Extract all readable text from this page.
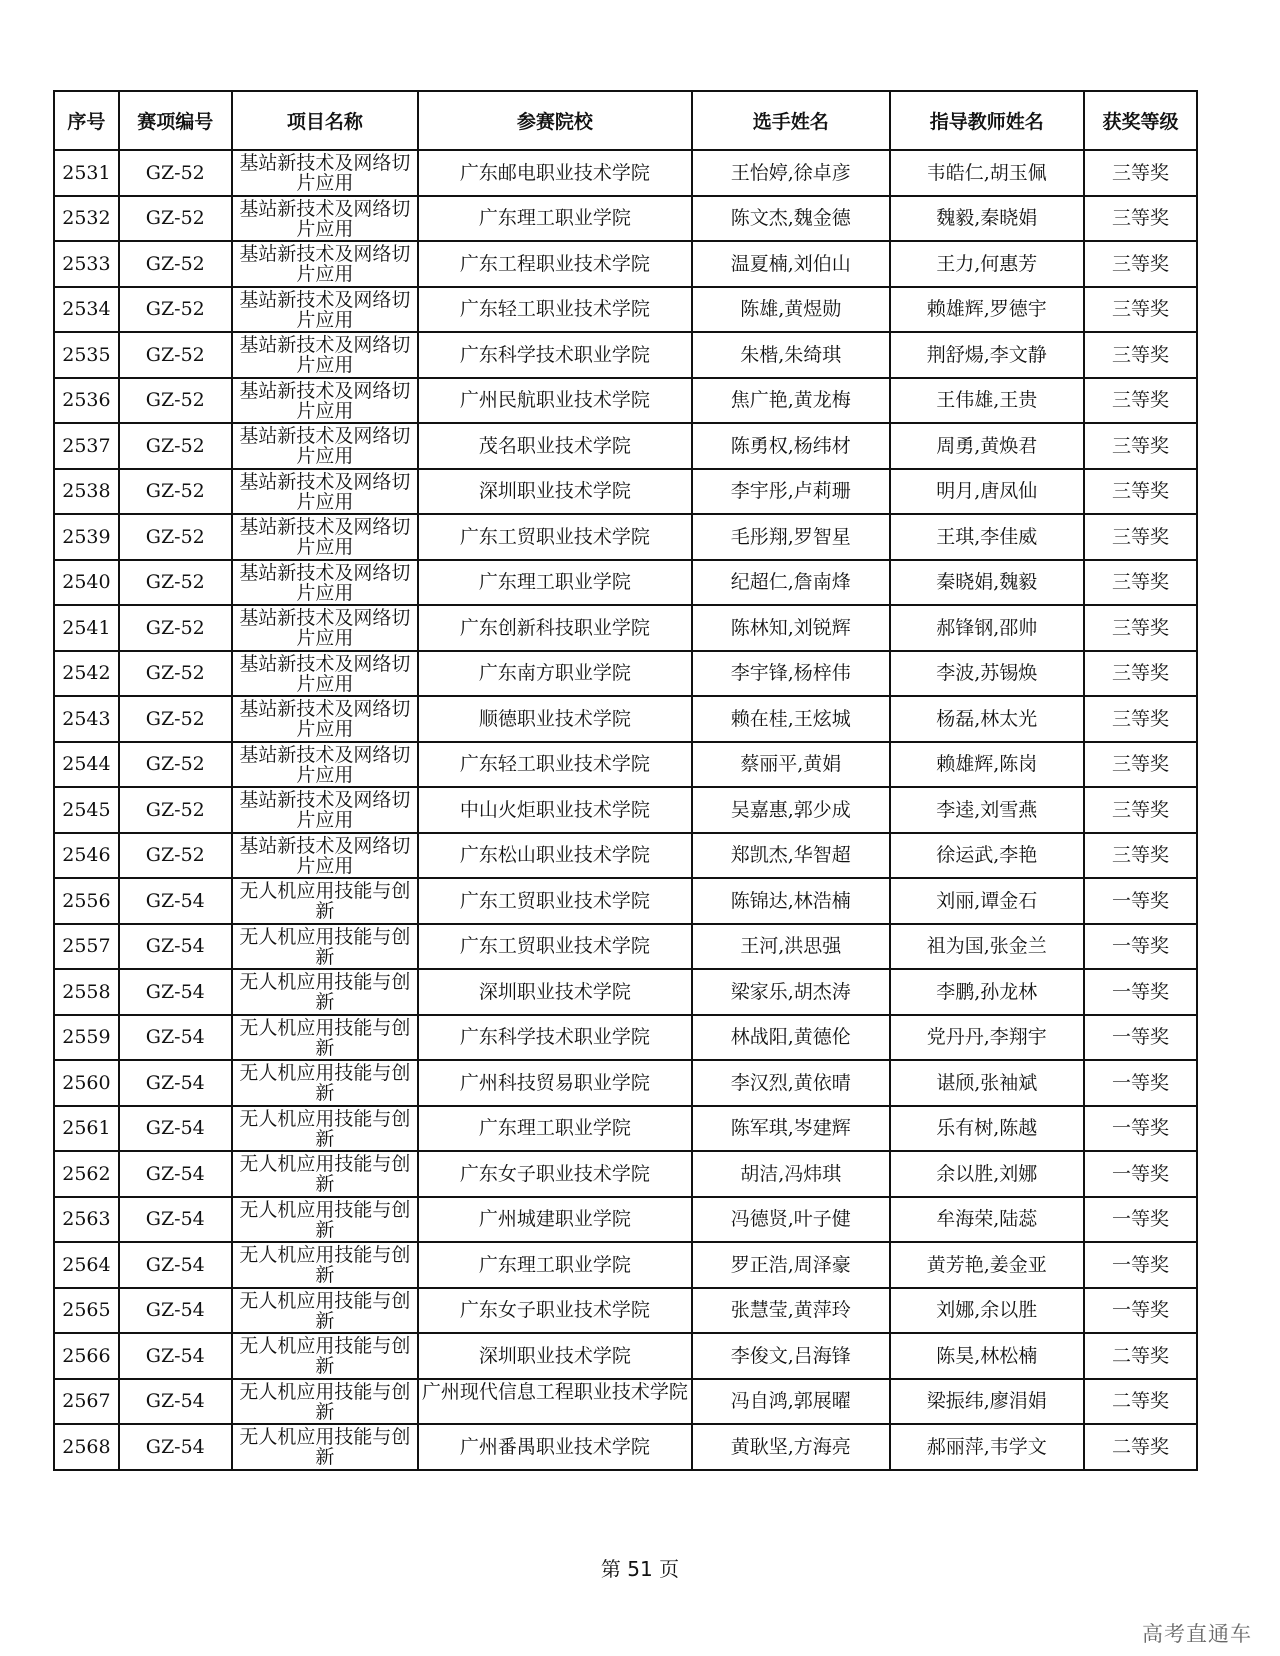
序号	赛项编号	项目名称	参赛院校	选手姓名	指导教师姓名	获奖等级
2531	GZ-52	基站新技术及网络切片应用	广东邮电职业技术学院	王怡婷,徐卓彦	韦皓仁,胡玉佩	三等奖
2532	GZ-52	基站新技术及网络切片应用	广东理工职业学院	陈文杰,魏金德	魏毅,秦晓娟	三等奖
2533	GZ-52	基站新技术及网络切片应用	广东工程职业技术学院	温夏楠,刘伯山	王力,何惠芳	三等奖
2534	GZ-52	基站新技术及网络切片应用	广东轻工职业技术学院	陈雄,黄煜勋	赖雄辉,罗德宇	三等奖
2535	GZ-52	基站新技术及网络切片应用	广东科学技术职业学院	朱楷,朱绮琪	荆舒煬,李文静	三等奖
2536	GZ-52	基站新技术及网络切片应用	广州民航职业技术学院	焦广艳,黄龙梅	王伟雄,王贵	三等奖
2537	GZ-52	基站新技术及网络切片应用	茂名职业技术学院	陈勇权,杨纬材	周勇,黄焕君	三等奖
2538	GZ-52	基站新技术及网络切片应用	深圳职业技术学院	李宇彤,卢莉珊	明月,唐凤仙	三等奖
2539	GZ-52	基站新技术及网络切片应用	广东工贸职业技术学院	毛彤翔,罗智星	王琪,李佳威	三等奖
2540	GZ-52	基站新技术及网络切片应用	广东理工职业学院	纪超仁,詹南烽	秦晓娟,魏毅	三等奖
2541	GZ-52	基站新技术及网络切片应用	广东创新科技职业学院	陈林知,刘锐辉	郝锋钢,邵帅	三等奖
2542	GZ-52	基站新技术及网络切片应用	广东南方职业学院	李宇锋,杨梓伟	李波,苏锡焕	三等奖
2543	GZ-52	基站新技术及网络切片应用	顺德职业技术学院	赖在桂,王炫城	杨磊,林太光	三等奖
2544	GZ-52	基站新技术及网络切片应用	广东轻工职业技术学院	蔡丽平,黄娟	赖雄辉,陈岗	三等奖
2545	GZ-52	基站新技术及网络切片应用	中山火炬职业技术学院	吴嘉惠,郭少成	李逵,刘雪燕	三等奖
2546	GZ-52	基站新技术及网络切片应用	广东松山职业技术学院	郑凯杰,华智超	徐运武,李艳	三等奖
2556	GZ-54	无人机应用技能与创新	广东工贸职业技术学院	陈锦达,林浩楠	刘丽,谭金石	一等奖
2557	GZ-54	无人机应用技能与创新	广东工贸职业技术学院	王河,洪思强	祖为国,张金兰	一等奖
2558	GZ-54	无人机应用技能与创新	深圳职业技术学院	梁家乐,胡杰涛	李鹏,孙龙林	一等奖
2559	GZ-54	无人机应用技能与创新	广东科学技术职业学院	林战阳,黄德伦	党丹丹,李翔宇	一等奖
2560	GZ-54	无人机应用技能与创新	广州科技贸易职业学院	李汉烈,黄依晴	谌颀,张袖斌	一等奖
2561	GZ-54	无人机应用技能与创新	广东理工职业学院	陈军琪,岑建辉	乐有树,陈越	一等奖
2562	GZ-54	无人机应用技能与创新	广东女子职业技术学院	胡洁,冯炜琪	余以胜,刘娜	一等奖
2563	GZ-54	无人机应用技能与创新	广州城建职业学院	冯德贤,叶子健	牟海荣,陆蕊	一等奖
2564	GZ-54	无人机应用技能与创新	广东理工职业学院	罗正浩,周泽豪	黄芳艳,姜金亚	一等奖
2565	GZ-54	无人机应用技能与创新	广东女子职业技术学院	张慧莹,黄萍玲	刘娜,余以胜	一等奖
2566	GZ-54	无人机应用技能与创新	深圳职业技术学院	李俊文,吕海锋	陈昊,林松楠	二等奖
2567	GZ-54	无人机应用技能与创新	广州现代信息工程职业技术学院	冯自鸿,郭展曜	梁振纬,廖涓娟	二等奖
2568	GZ-54	无人机应用技能与创新	广州番禺职业技术学院	黄耿坚,方海亮	郝丽萍,韦学文	二等奖
第 51 页
高考直通车
